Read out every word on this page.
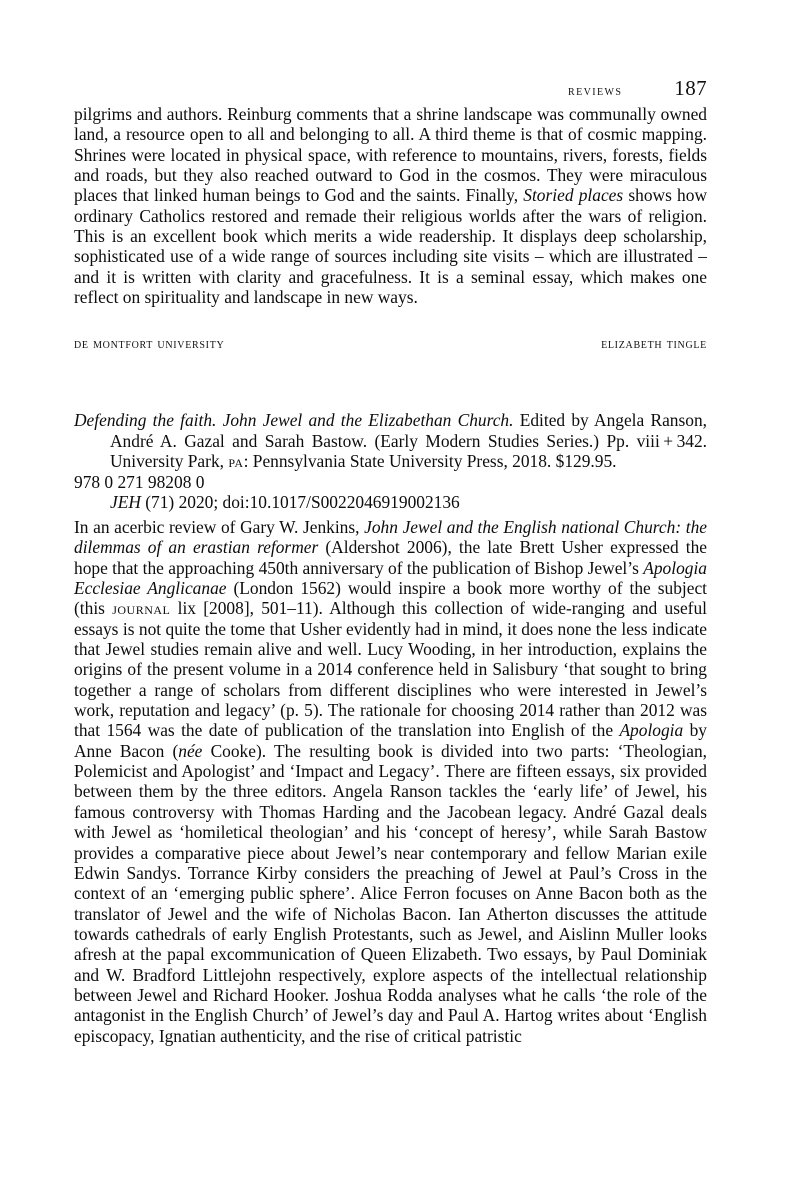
reviews 187

pilgrims and authors. Reinburg comments that a shrine landscape was communally owned land, a resource open to all and belonging to all. A third theme is that of cosmic mapping. Shrines were located in physical space, with reference to mountains, rivers, forests, fields and roads, but they also reached outward to God in the cosmos. They were miraculous places that linked human beings to God and the saints. Finally, Storied places shows how ordinary Catholics restored and remade their religious worlds after the wars of religion. This is an excellent book which merits a wide readership. It displays deep scholarship, sophisticated use of a wide range of sources including site visits – which are illustrated – and it is written with clarity and gracefulness. It is a seminal essay, which makes one reflect on spirituality and landscape in new ways.

de montfort university	elizabeth tingle
Defending the faith. John Jewel and the Elizabethan Church. Edited by Angela Ranson, André A. Gazal and Sarah Bastow. (Early Modern Studies Series.) Pp. viii + 342. University Park, pa: Pennsylvania State University Press, 2018. $129.95.
978 0 271 98208 0
JEH (71) 2020; doi:10.1017/S0022046919002136

In an acerbic review of Gary W. Jenkins, John Jewel and the English national Church: the dilemmas of an erastian reformer (Aldershot 2006), the late Brett Usher expressed the hope that the approaching 450th anniversary of the publication of Bishop Jewel’s Apologia Ecclesiae Anglicanae (London 1562) would inspire a book more worthy of the subject (this journal lix [2008], 501–11). Although this collection of wide-ranging and useful essays is not quite the tome that Usher evidently had in mind, it does none the less indicate that Jewel studies remain alive and well. Lucy Wooding, in her introduction, explains the origins of the present volume in a 2014 conference held in Salisbury ‘that sought to bring together a range of scholars from different disciplines who were interested in Jewel’s work, reputation and legacy’ (p. 5). The rationale for choosing 2014 rather than 2012 was that 1564 was the date of publication of the translation into English of the Apologia by Anne Bacon (née Cooke). The resulting book is divided into two parts: ‘Theologian, Polemicist and Apologist’ and ‘Impact and Legacy’. There are fifteen essays, six provided between them by the three editors. Angela Ranson tackles the ‘early life’ of Jewel, his famous controversy with Thomas Harding and the Jacobean legacy. André Gazal deals with Jewel as ‘homiletical theologian’ and his ‘concept of heresy’, while Sarah Bastow provides a comparative piece about Jewel’s near contemporary and fellow Marian exile Edwin Sandys. Torrance Kirby considers the preaching of Jewel at Paul’s Cross in the context of an ‘emerging public sphere’. Alice Ferron focuses on Anne Bacon both as the translator of Jewel and the wife of Nicholas Bacon. Ian Atherton discusses the attitude towards cathedrals of early English Protestants, such as Jewel, and Aislinn Muller looks afresh at the papal excommunication of Queen Elizabeth. Two essays, by Paul Dominiak and W. Bradford Littlejohn respectively, explore aspects of the intellectual relationship between Jewel and Richard Hooker. Joshua Rodda analyses what he calls ‘the role of the antagonist in the English Church’ of Jewel’s day and Paul A. Hartog writes about ‘English episcopacy, Ignatian authenticity, and the rise of critical patristic
